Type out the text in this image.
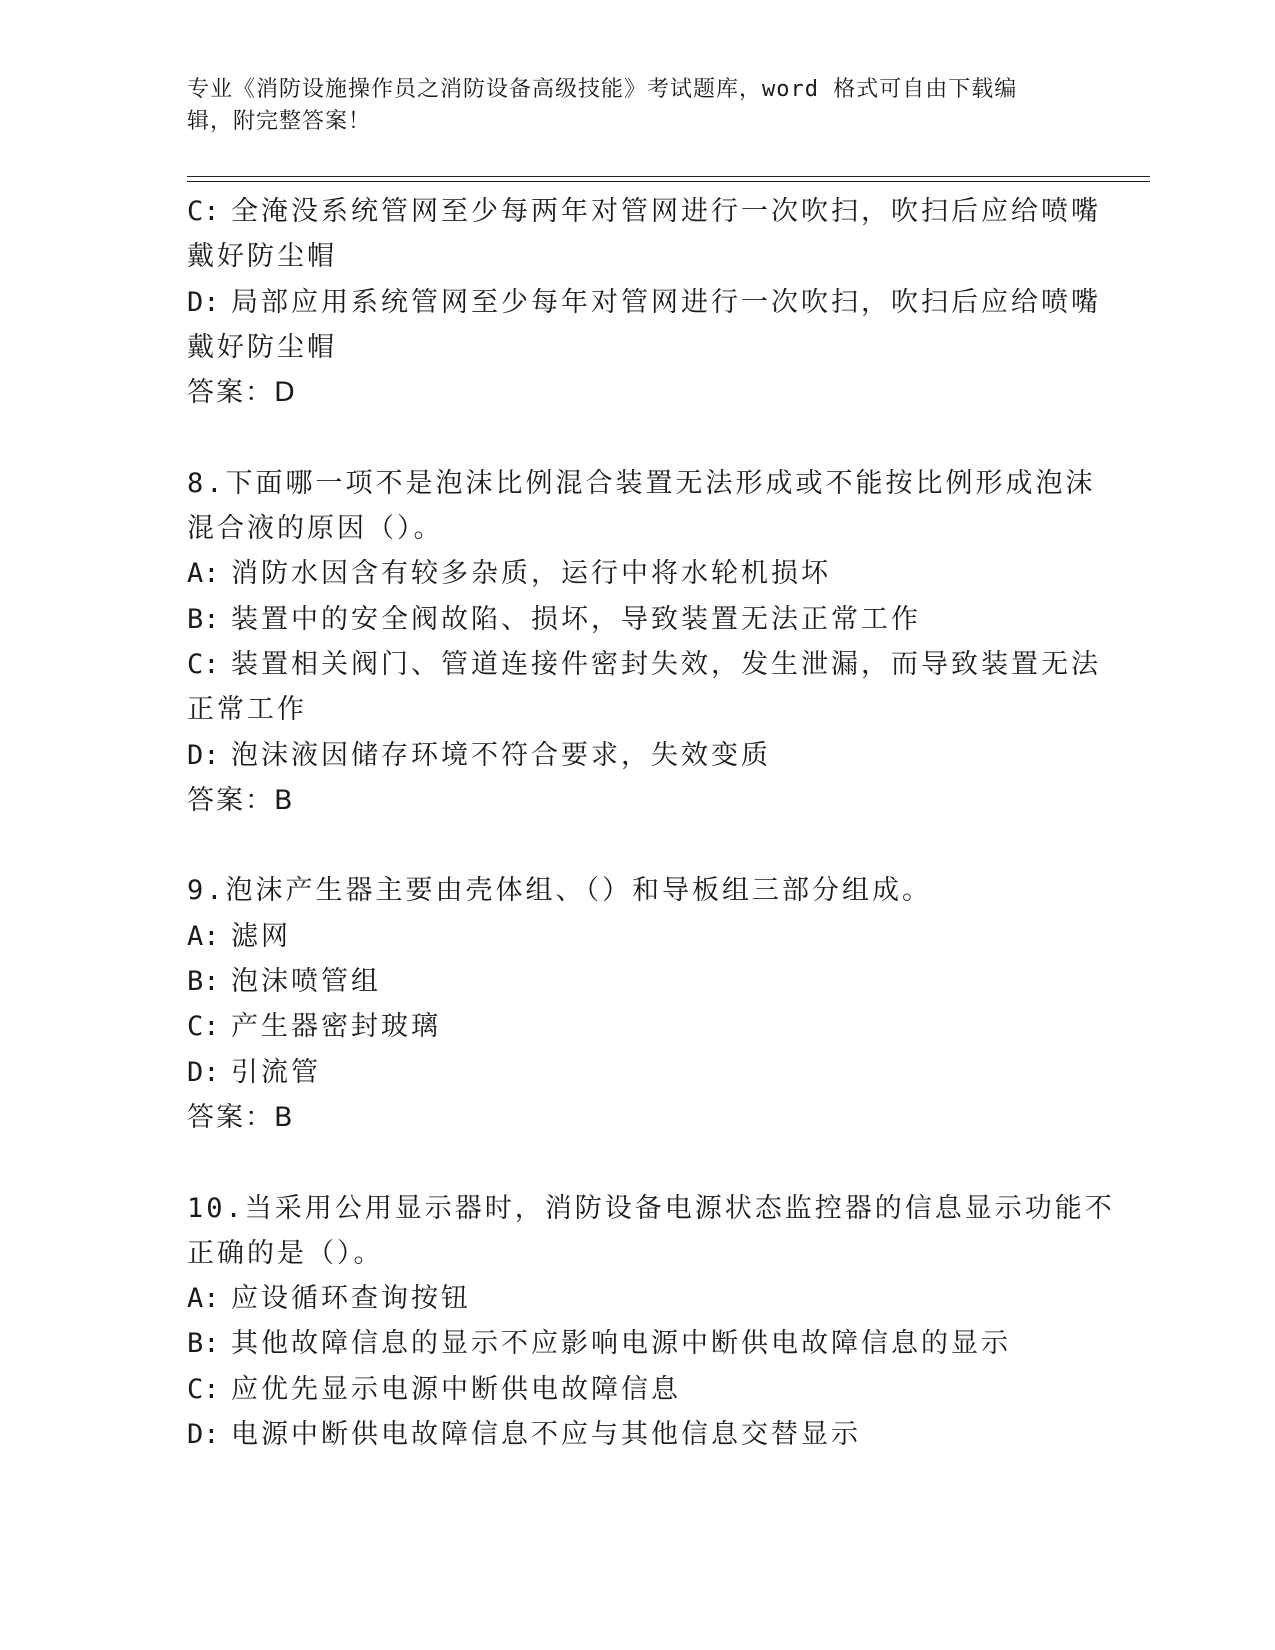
专业《消防设施操作员之消防设备高级技能》考试题库，word 格式可自由下载编
辑，附完整答案！
C: 全淹没系统管网至少每两年对管网进行一次吹扫，吹扫后应给喷嘴
戴好防尘帽
D: 局部应用系统管网至少每年对管网进行一次吹扫，吹扫后应给喷嘴
戴好防尘帽
答案：D
8.下面哪一项不是泡沫比例混合装置无法形成或不能按比例形成泡沫
混合液的原因（）。
A: 消防水因含有较多杂质，运行中将水轮机损坏
B: 装置中的安全阀故陷、损坏，导致装置无法正常工作
C: 装置相关阀门、管道连接件密封失效，发生泄漏，而导致装置无法
正常工作
D: 泡沫液因储存环境不符合要求，失效变质
答案：B
9.泡沫产生器主要由壳体组、（）和导板组三部分组成。
A: 滤网
B: 泡沫喷管组
C: 产生器密封玻璃
D: 引流管
答案：B
10.当采用公用显示器时，消防设备电源状态监控器的信息显示功能不
正确的是（）。
A: 应设循环查询按钮
B: 其他故障信息的显示不应影响电源中断供电故障信息的显示
C: 应优先显示电源中断供电故障信息
D: 电源中断供电故障信息不应与其他信息交替显示
